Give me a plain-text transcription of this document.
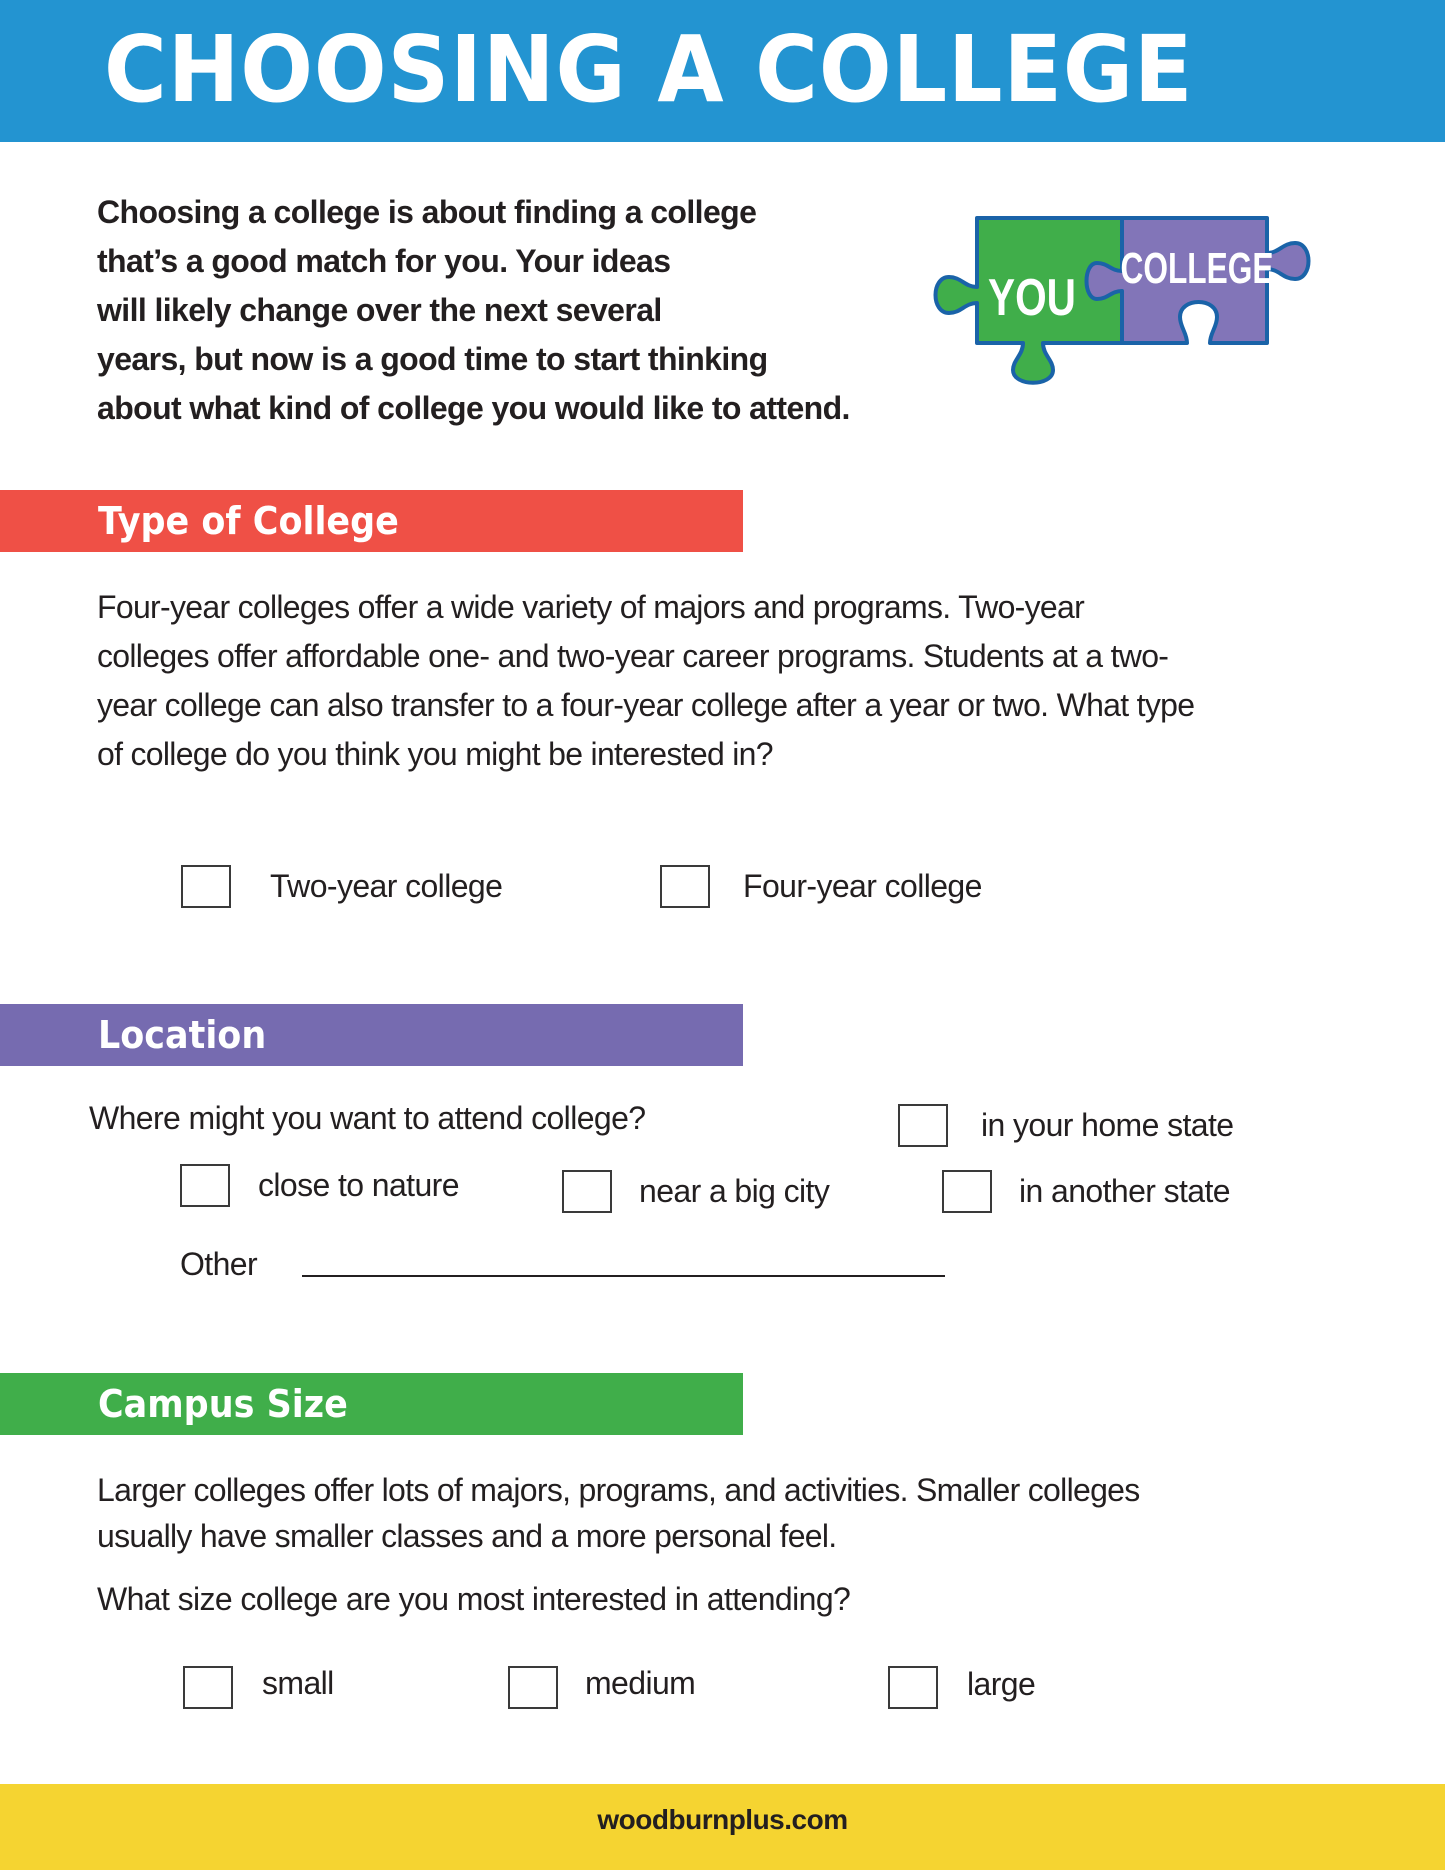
CHOOSING A COLLEGE
Choosing a college is about finding a college
that’s a good match for you. Your ideas
will likely change over the next several
years, but now is a good time to start thinking
about what kind of college you would like to attend.
YOU COLLEGE
Type of College
Four-year colleges offer a wide variety of majors and programs. Two-year
colleges offer affordable one- and two-year career programs. Students at a two-
year college can also transfer to a four-year college after a year or two. What type
of college do you think you might be interested in?
Two-year college	Four-year college
Location
Where might you want to attend college?	in your home state
close to nature	near a big city	in another state
Other
Campus Size
Larger colleges offer lots of majors, programs, and activities. Smaller colleges
usually have smaller classes and a more personal feel.
What size college are you most interested in attending?
small	medium	large
woodburnplus.com
